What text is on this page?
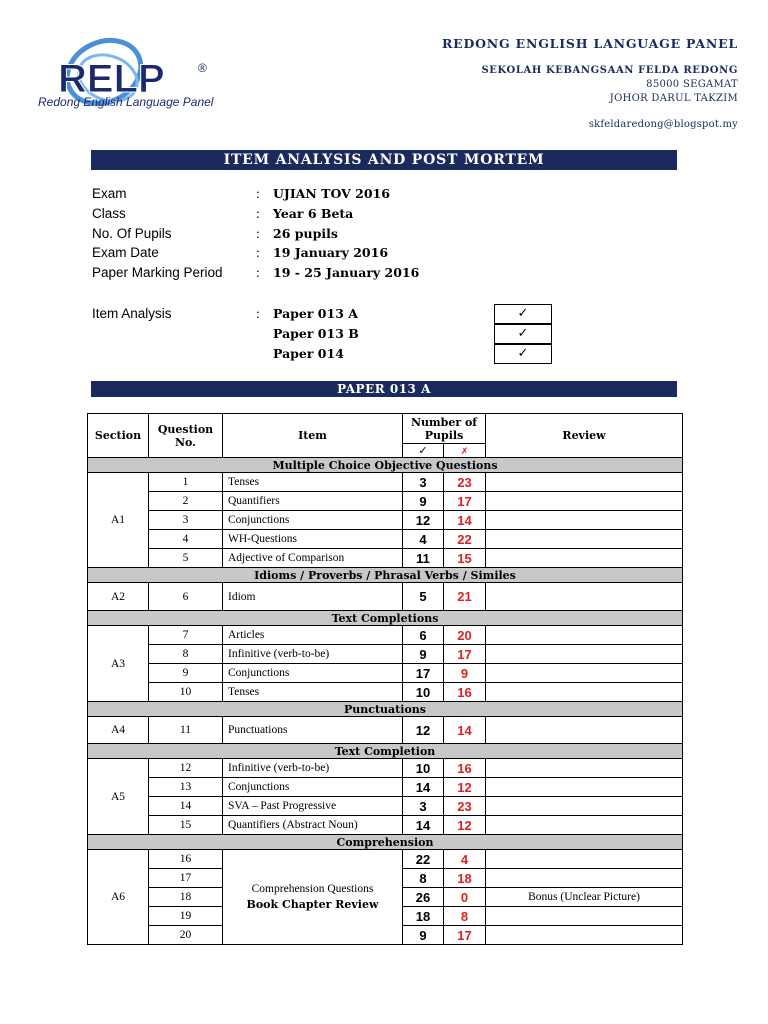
RELP	®
Redong English Language Panel
REDONG ENGLISH LANGUAGE PANEL
SEKOLAH KEBANGSAAN FELDA REDONG
85000 SEGAMAT
JOHOR DARUL TAKZIM
skfeldaredong@blogspot.my
ITEM ANALYSIS AND POST MORTEM
Exam	: UJIAN TOV 2016
Class	: Year 6 Beta
No. Of Pupils	: 26 pupils
Exam Date	: 19 January 2016
Paper Marking Period : 19 - 25 January 2016
Item Analysis	: Paper 013 A	✓
Paper 013 B	✓
Paper 014	✓
PAPER 013 A
Section	Question No.	Item	Number of Pupils		Review
			✓	✗	
Multiple Choice Objective Questions					
A1	1	Tenses	3	23	
	2	Quantifiers	9	17	
	3	Conjunctions	12	14	
	4	WH-Questions	4	22	
	5	Adjective of Comparison	11	15	
Idioms / Proverbs / Phrasal Verbs / Similes					
A2	6	Idiom	5	21	
Text Completions					
A3	7	Articles	6	20	
	8	Infinitive (verb-to-be)	9	17	
	9	Conjunctions	17	9	
	10	Tenses	10	16	
Punctuations					
A4	11	Punctuations	12	14	
Text Completion					
A5	12	Infinitive (verb-to-be)	10	16	
	13	Conjunctions	14	12	
	14	SVA – Past Progressive	3	23	
	15	Quantifiers (Abstract Noun)	14	12	
Comprehension					
A6	16	Comprehension Questions
Book Chapter Review	22	4	
	17		8	18	
	18		26	0	Bonus (Unclear Picture)
	19		18	8	
	20		9	17	
